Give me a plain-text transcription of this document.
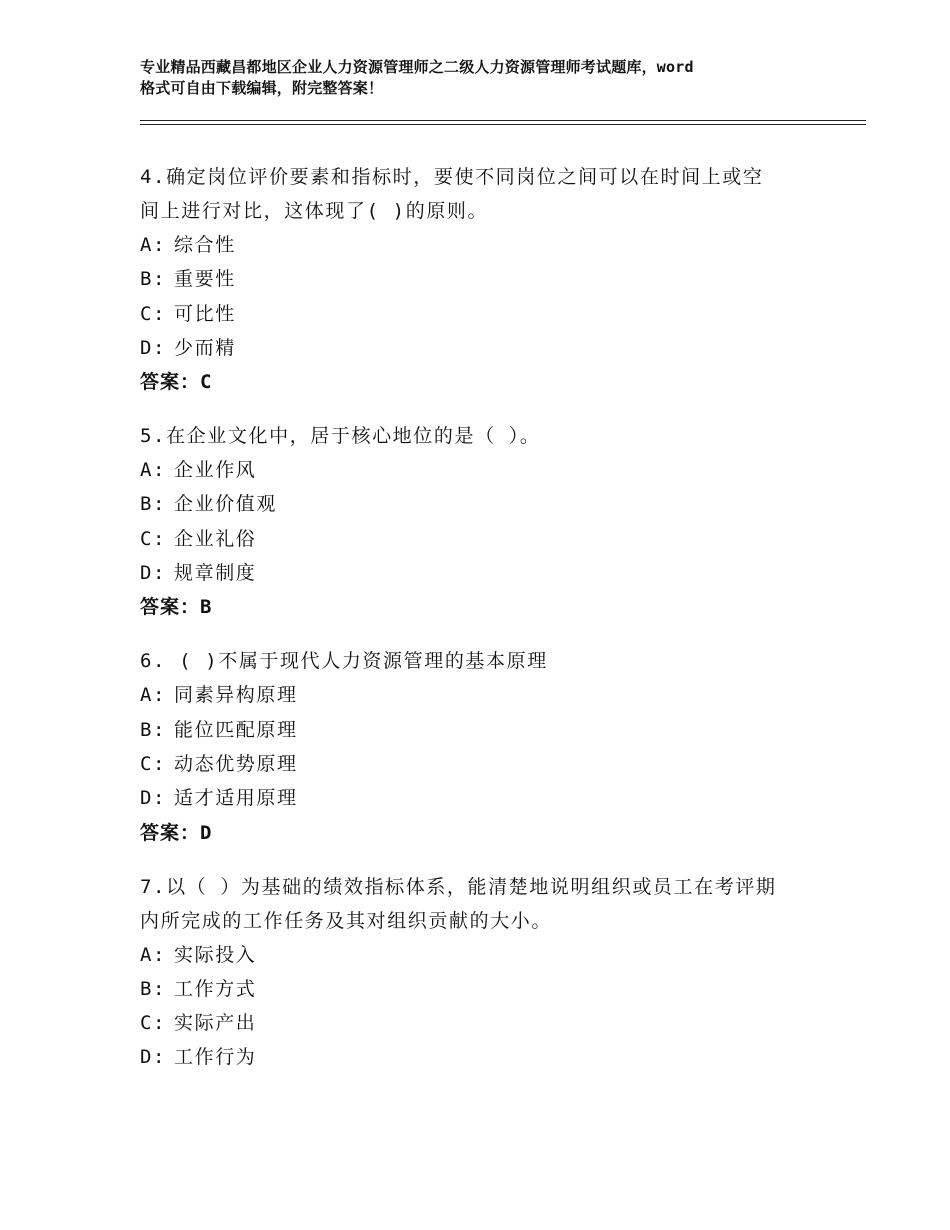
专业精品西藏昌都地区企业人力资源管理师之二级人力资源管理师考试题库，word
格式可自由下载编辑，附完整答案！
4.确定岗位评价要素和指标时，要使不同岗位之间可以在时间上或空
间上进行对比，这体现了( )的原则。
A: 综合性
B: 重要性
C: 可比性
D: 少而精
答案：C
5.在企业文化中，居于核心地位的是（ ）。
A: 企业作风
B: 企业价值观
C: 企业礼俗
D: 规章制度
答案：B
6. ( )不属于现代人力资源管理的基本原理
A: 同素异构原理
B: 能位匹配原理
C: 动态优势原理
D: 适才适用原理
答案：D
7.以（ ）为基础的绩效指标体系，能清楚地说明组织或员工在考评期
内所完成的工作任务及其对组织贡献的大小。
A: 实际投入
B: 工作方式
C: 实际产出
D: 工作行为
